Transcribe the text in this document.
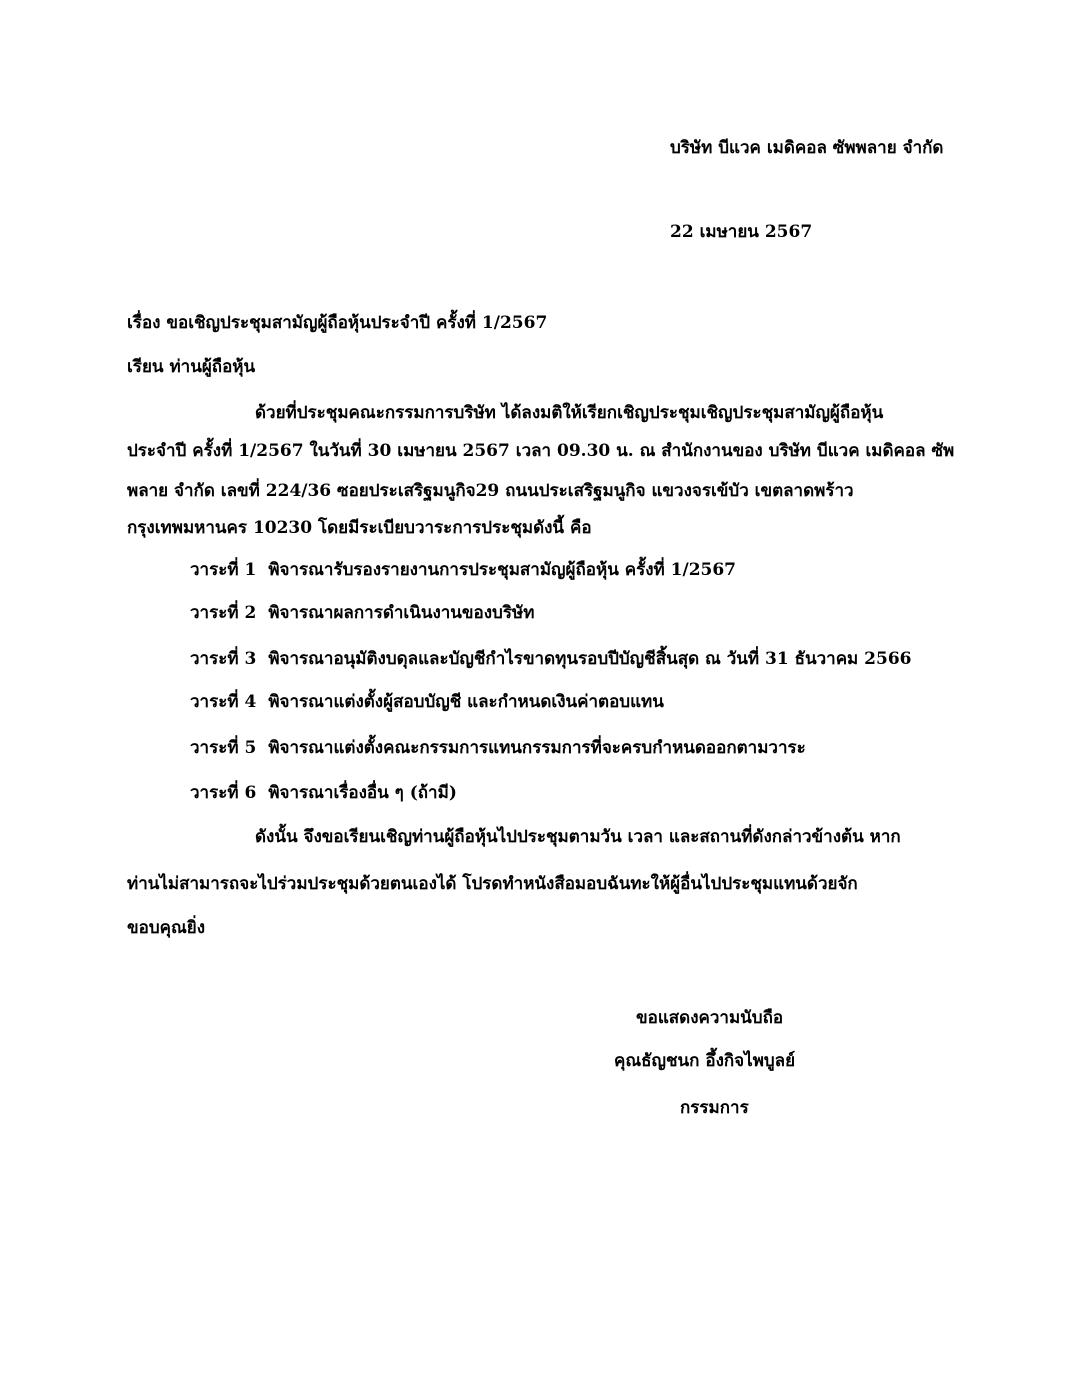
บริษัท บีแวค เมดิคอล ซัพพลาย จำกัด
22 เมษายน 2567
เรื่อง ขอเชิญประชุมสามัญผู้ถือหุ้นประจำปี ครั้งที่ 1/2567
เรียน ท่านผู้ถือหุ้น
ด้วยที่ประชุมคณะกรรมการบริษัท ได้ลงมติให้เรียกเชิญประชุมเชิญประชุมสามัญผู้ถือหุ้น
ประจำปี ครั้งที่ 1/2567 ในวันที่ 30 เมษายน 2567 เวลา 09.30 น. ณ สำนักงานของ บริษัท บีแวค เมดิคอล ซัพ
พลาย จำกัด เลขที่ 224/36 ซอยประเสริฐมนูกิจ29 ถนนประเสริฐมนูกิจ แขวงจรเข้บัว เขตลาดพร้าว
กรุงเทพมหานคร 10230 โดยมีระเบียบวาระการประชุมดังนี้ คือ
วาระที่ 1 พิจารณารับรองรายงานการประชุมสามัญผู้ถือหุ้น ครั้งที่ 1/2567
วาระที่ 2 พิจารณาผลการดำเนินงานของบริษัท
วาระที่ 3 พิจารณาอนุมัติงบดุลและบัญชีกำไรขาดทุนรอบปีบัญชีสิ้นสุด ณ วันที่ 31 ธันวาคม 2566
วาระที่ 4 พิจารณาแต่งตั้งผู้สอบบัญชี และกำหนดเงินค่าตอบแทน
วาระที่ 5 พิจารณาแต่งตั้งคณะกรรมการแทนกรรมการที่จะครบกำหนดออกตามวาระ
วาระที่ 6 พิจารณาเรื่องอื่น ๆ (ถ้ามี)
ดังนั้น จึงขอเรียนเชิญท่านผู้ถือหุ้นไปประชุมตามวัน เวลา และสถานที่ดังกล่าวข้างต้น หาก
ท่านไม่สามารถจะไปร่วมประชุมด้วยตนเองได้ โปรดทำหนังสือมอบฉันทะให้ผู้อื่นไปประชุมแทนด้วยจัก
ขอบคุณยิ่ง
ขอแสดงความนับถือ
คุณธัญชนก อึ้งกิจไพบูลย์
กรรมการ
